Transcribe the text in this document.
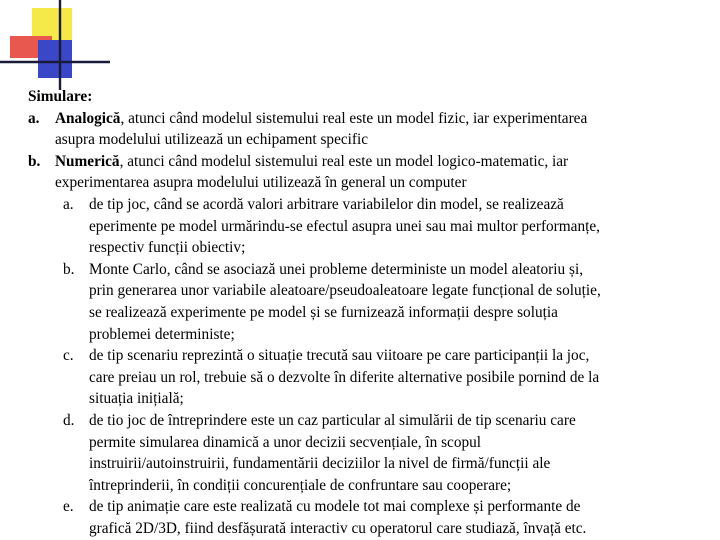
Simulare:
a. Analogică, atunci când modelul sistemului real este un model fizic, iar experimentarea
asupra modelului utilizează un echipament specific
b. Numerică, atunci când modelul sistemului real este un model logico-matematic, iar
experimentarea asupra modelului utilizează în general un computer
a. de tip joc, când se acordă valori arbitrare variabilelor din model, se realizează
eperimente pe model urmărindu-se efectul asupra unei sau mai multor performanțe,
respectiv funcții obiectiv;
b. Monte Carlo, când se asociază unei probleme deterministe un model aleatoriu și,
prin generarea unor variabile aleatoare/pseudoaleatoare legate funcțional de soluție,
se realizează experimente pe model și se furnizează informații despre soluția
problemei deterministe;
c. de tip scenariu reprezintă o situație trecută sau viitoare pe care participanții la joc,
care preiau un rol, trebuie să o dezvolte în diferite alternative posibile pornind de la
situația inițială;
d. de tio joc de întreprindere este un caz particular al simulării de tip scenariu care
permite simularea dinamică a unor decizii secvențiale, în scopul
instruirii/autoinstruirii, fundamentării deciziilor la nivel de firmă/funcții ale
întreprinderii, în condiții concurențiale de confruntare sau cooperare;
e. de tip animație care este realizată cu modele tot mai complexe și performante de
grafică 2D/3D, fiind desfășurată interactiv cu operatorul care studiază, învață etc.
